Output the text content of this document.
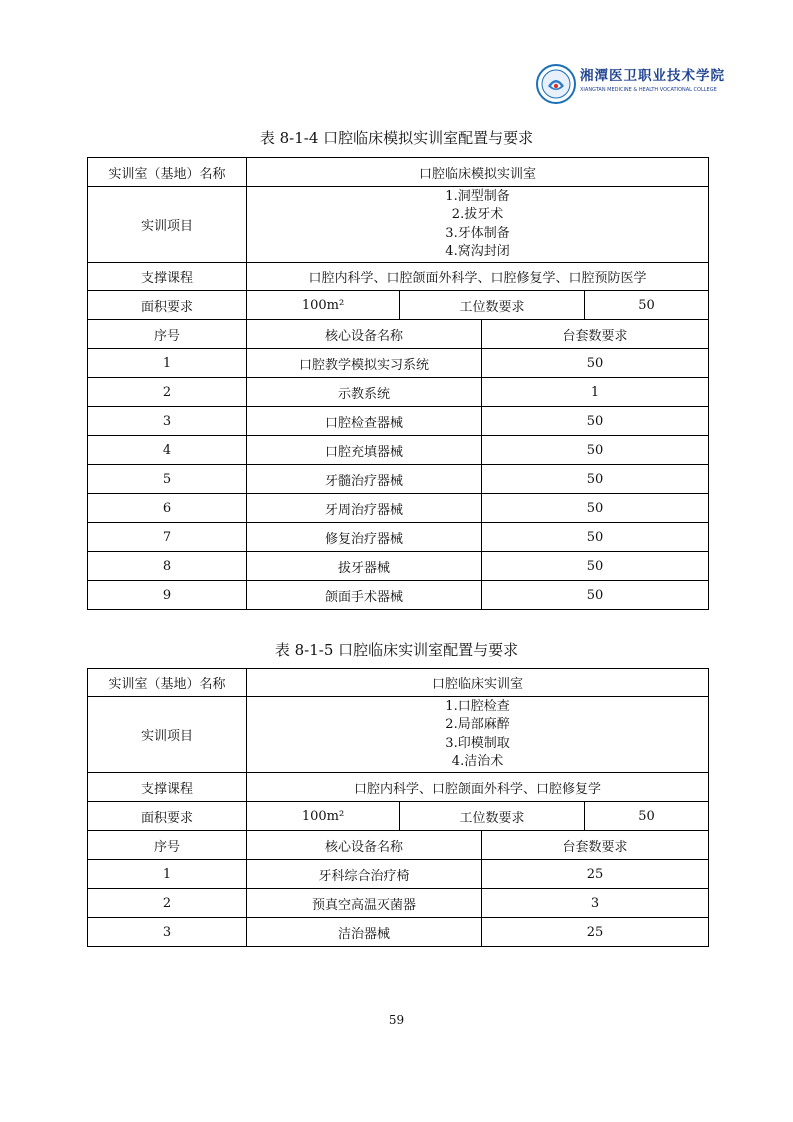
湘潭医卫职业技术学院
XIANGTAN MEDICINE & HEALTH VOCATIONAL COLLEGE
表 8-1-4 口腔临床模拟实训室配置与要求
实训室（基地）名称	口腔临床模拟实训室			
实训项目	1.洞型制备
2.拔牙术
3.牙体制备
4.窝沟封闭			

支撑课程	口腔内科学、口腔颌面外科学、口腔修复学、口腔预防医学			
面积要求	100m²	工位数要求		50
序号	核心设备名称		台套数要求	
1	口腔教学模拟实习系统		50	
2	示教系统		1	
3	口腔检查器械		50	
4	口腔充填器械		50	
5	牙髓治疗器械		50	
6	牙周治疗器械		50	
7	修复治疗器械		50	
8	拔牙器械		50	
9	颌面手术器械		50	
表 8-1-5 口腔临床实训室配置与要求
实训室（基地）名称	口腔临床实训室			
实训项目	1.口腔检查
2.局部麻醉
3.印模制取
4.洁治术			

支撑课程	口腔内科学、口腔颌面外科学、口腔修复学			
面积要求	100m²	工位数要求		50
序号	核心设备名称		台套数要求	
1	牙科综合治疗椅		25	
2	预真空高温灭菌器		3	
3	洁治器械		25	
59
